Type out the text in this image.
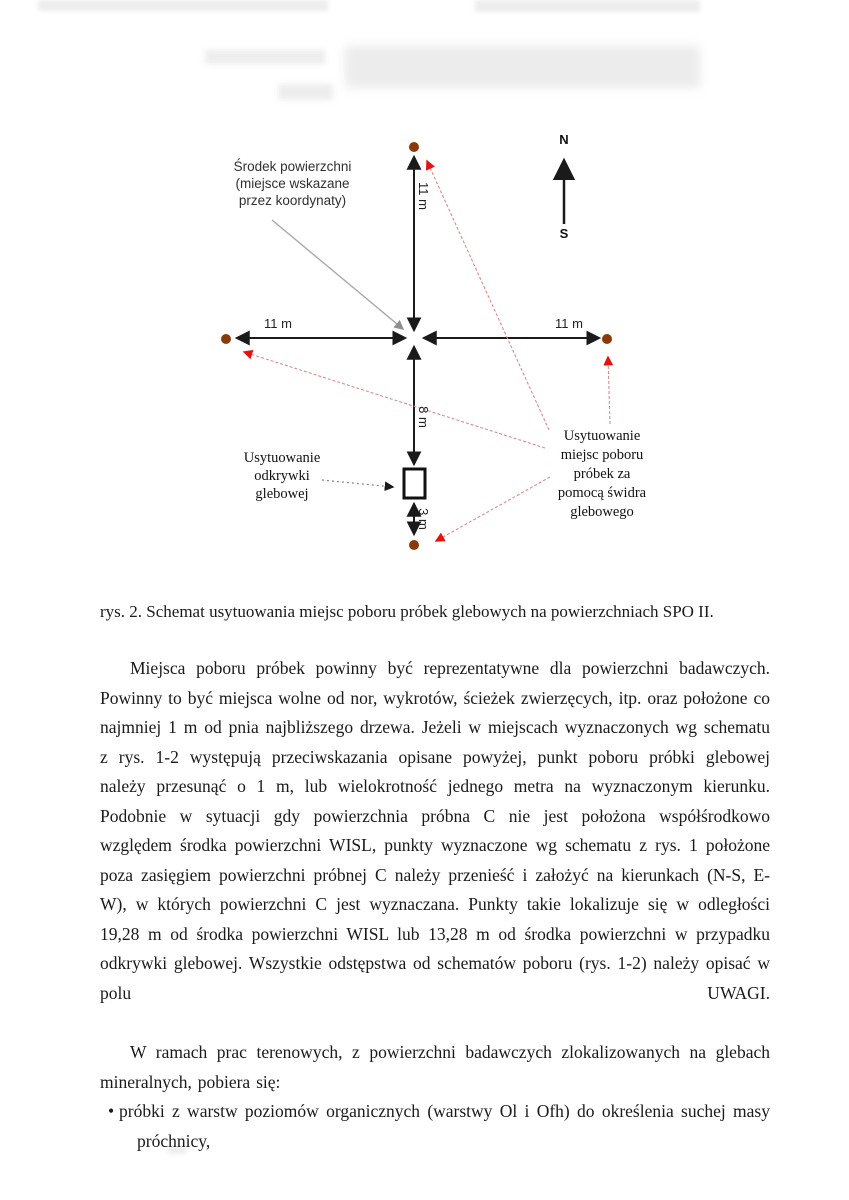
N
S
11 m
11 m	11 m
8 m
3 m
Środek powierzchni
(miejsce wskazane
przez koordynaty)
Usytuowanie
odkrywki
glebowej
Usytuowanie
miejsc poboru
próbek za
pomocą świdra
glebowego
rys. 2. Schemat usytuowania miejsc poboru próbek glebowych na powierzchniach SPO II.

Miejsca poboru próbek powinny być reprezentatywne dla powierzchni badawczych. Powinny to być miejsca wolne od nor, wykrotów, ścieżek zwierzęcych, itp. oraz położone co najmniej 1 m od pnia najbliższego drzewa. Jeżeli w miejscach wyznaczonych wg schematu z rys. 1-2 występują przeciwskazania opisane powyżej, punkt poboru próbki glebowej należy przesunąć o 1 m, lub wielokrotność jednego metra na wyznaczonym kierunku. Podobnie w sytuacji gdy powierzchnia próbna C nie jest położona współśrodkowo względem środka powierzchni WISL, punkty wyznaczone wg schematu z rys. 1 położone poza zasięgiem powierzchni próbnej C należy przenieść i założyć na kierunkach (N-S, E-W), w których powierzchni C jest wyznaczana. Punkty takie lokalizuje się w odległości 19,28 m od środka powierzchni WISL lub 13,28 m od środka powierzchni w przypadku odkrywki glebowej. Wszystkie odstępstwa od schematów poboru (rys. 1-2) należy opisać w polu UWAGI.

W ramach prac terenowych, z powierzchni badawczych zlokalizowanych na glebach mineralnych, pobiera się:

• próbki z warstw poziomów organicznych (warstwy Ol i Ofh) do określenia suchej masy próchnicy,
